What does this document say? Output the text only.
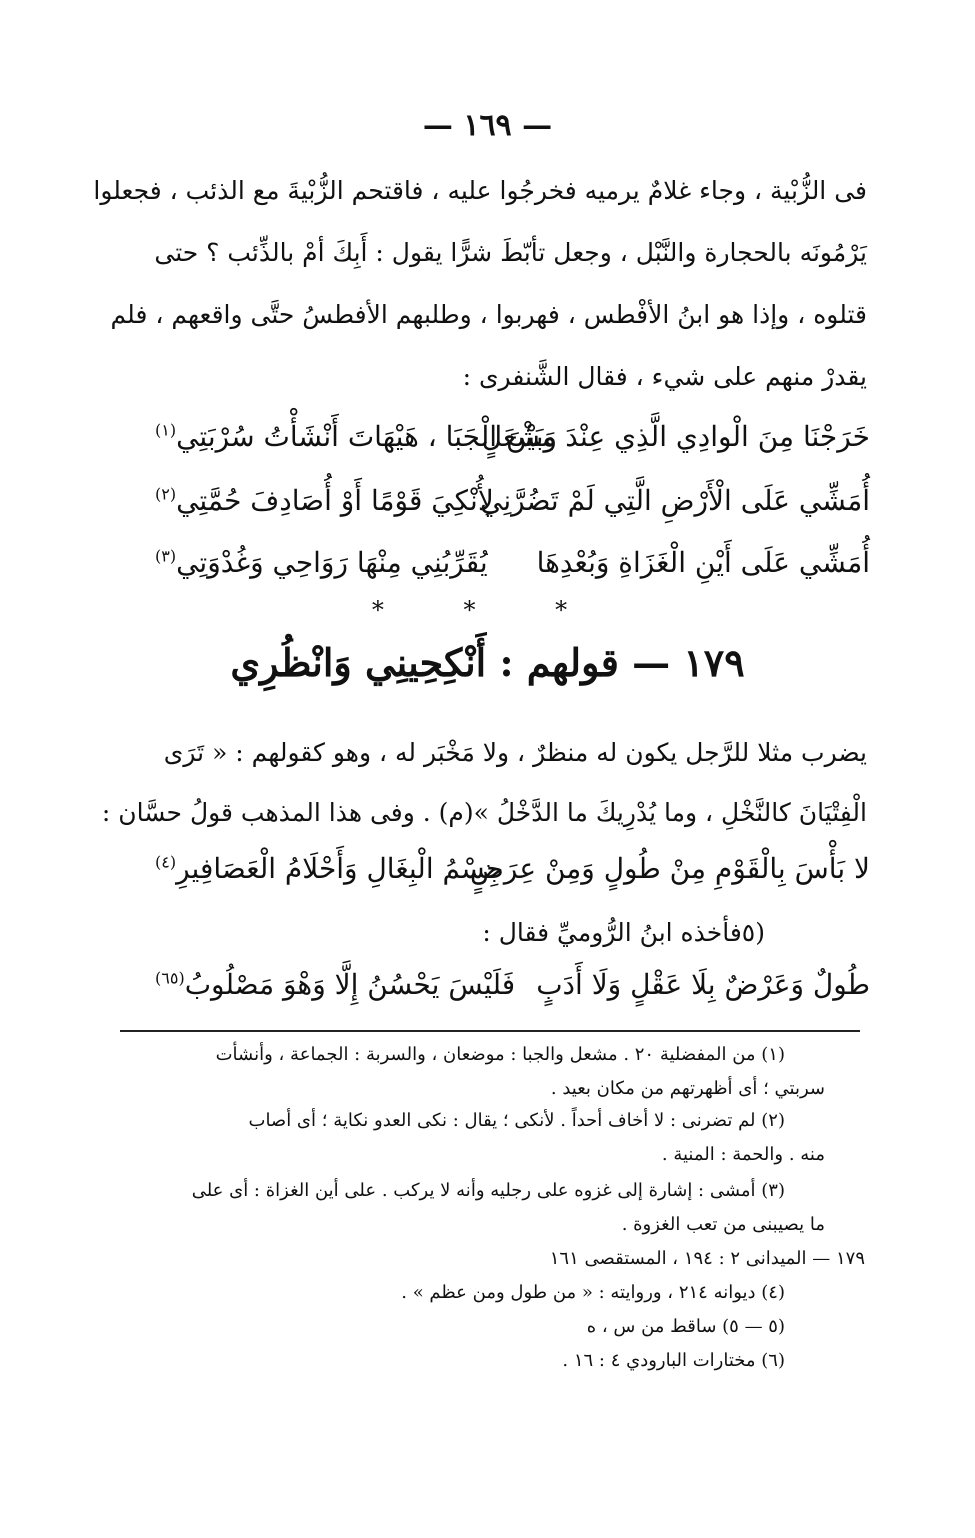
— ١٦٩ —
فى الزُّبْية ، وجاء غلامٌ يرميه فخرجُوا عليه ، فاقتحم الزُّبْيةَ مع الذئب ، فجعلوا
يَرْمُونَه بالحجارة والنَّبْل ، وجعل تأبّطَ شرًّا يقول : أَبِكَ أمْ بالذِّئب ؟ حتى
قتلوه ، وإذا هو ابنُ الأفْطس ، فهربوا ، وطلبهم الأفطسُ حتَّى واقعهم ، فلم
يقدرْ منهم على شيء ، فقال الشَّنفرى :
خَرَجْنَا مِنَ الْوادِي الَّذِي عِنْدَ مِشْعَلٍ
وَبَيْنَ الْجَبَا ، هَيْهَاتَ أَنْشَأْتُ سُرْبَتِي$^{(١)}$
أُمَشِّي عَلَى الْأَرْضِ الَّتِي لَمْ تَضُرَّنِي
لِأُنْكِيَ قَوْمًا أَوْ أُصَادِفَ حُمَّتِي$^{(٢)}$
أُمَشِّي عَلَى أَيْنِ الْغَزَاةِ وَبُعْدِهَا
يُقَرِّبُنِي مِنْهَا رَوَاحِي وَغُدْوَتِي$^{(٣)}$
* * *
١٧٩ — قولهم : أَنْكِحِينِي وَانْظُرِي
يضرب مثلا للرَّجل يكون له منظرٌ ، ولا مَخْبَر له ، وهو كقولهم : « تَرَى
الْفِتْيَانَ كالنَّخْلِ ، وما يُدْرِيكَ ما الدَّخْلُ »(م) . وفى هذا المذهب قولُ حسَّان :
لا بَأْسَ بِالْقَوْمِ مِنْ طُولٍ وَمِنْ عِرَضٍ
جِسْمُ الْبِغَالِ وَأَحْلَامُ الْعَصَافِيرِ$^{(٤)}$
(٥فأخذه ابنُ الرُّوميِّ فقال :
طُولٌ وَعَرْضٌ بِلَا عَقْلٍ وَلَا أَدَبٍ
فَلَيْسَ يَحْسُنُ إِلَّا وَهْوَ مَصْلُوبُ$^{(٦٥)}$
(١) من المفضلية ٢٠ . مشعل والجبا : موضعان ، والسربة : الجماعة ، وأنشأت
سربتي ؛ أى أظهرتهم من مكان بعيد .
(٢) لم تضرنى : لا أخاف أحداً . لأنكى ؛ يقال : نكى العدو نكاية ؛ أى أصاب
منه . والحمة : المنية .
(٣) أمشى : إشارة إلى غزوه على رجليه وأنه لا يركب . على أين الغزاة : أى على
ما يصيبنى من تعب الغزوة .
١٧٩ — الميدانى ٢ : ١٩٤ ، المستقصى ١٦١
(٤) ديوانه ٢١٤ ، وروايته : « من طول ومن عظم » .
(٥ — ٥) ساقط من س ، ه
(٦) مختارات البارودي ٤ : ١٦ .
